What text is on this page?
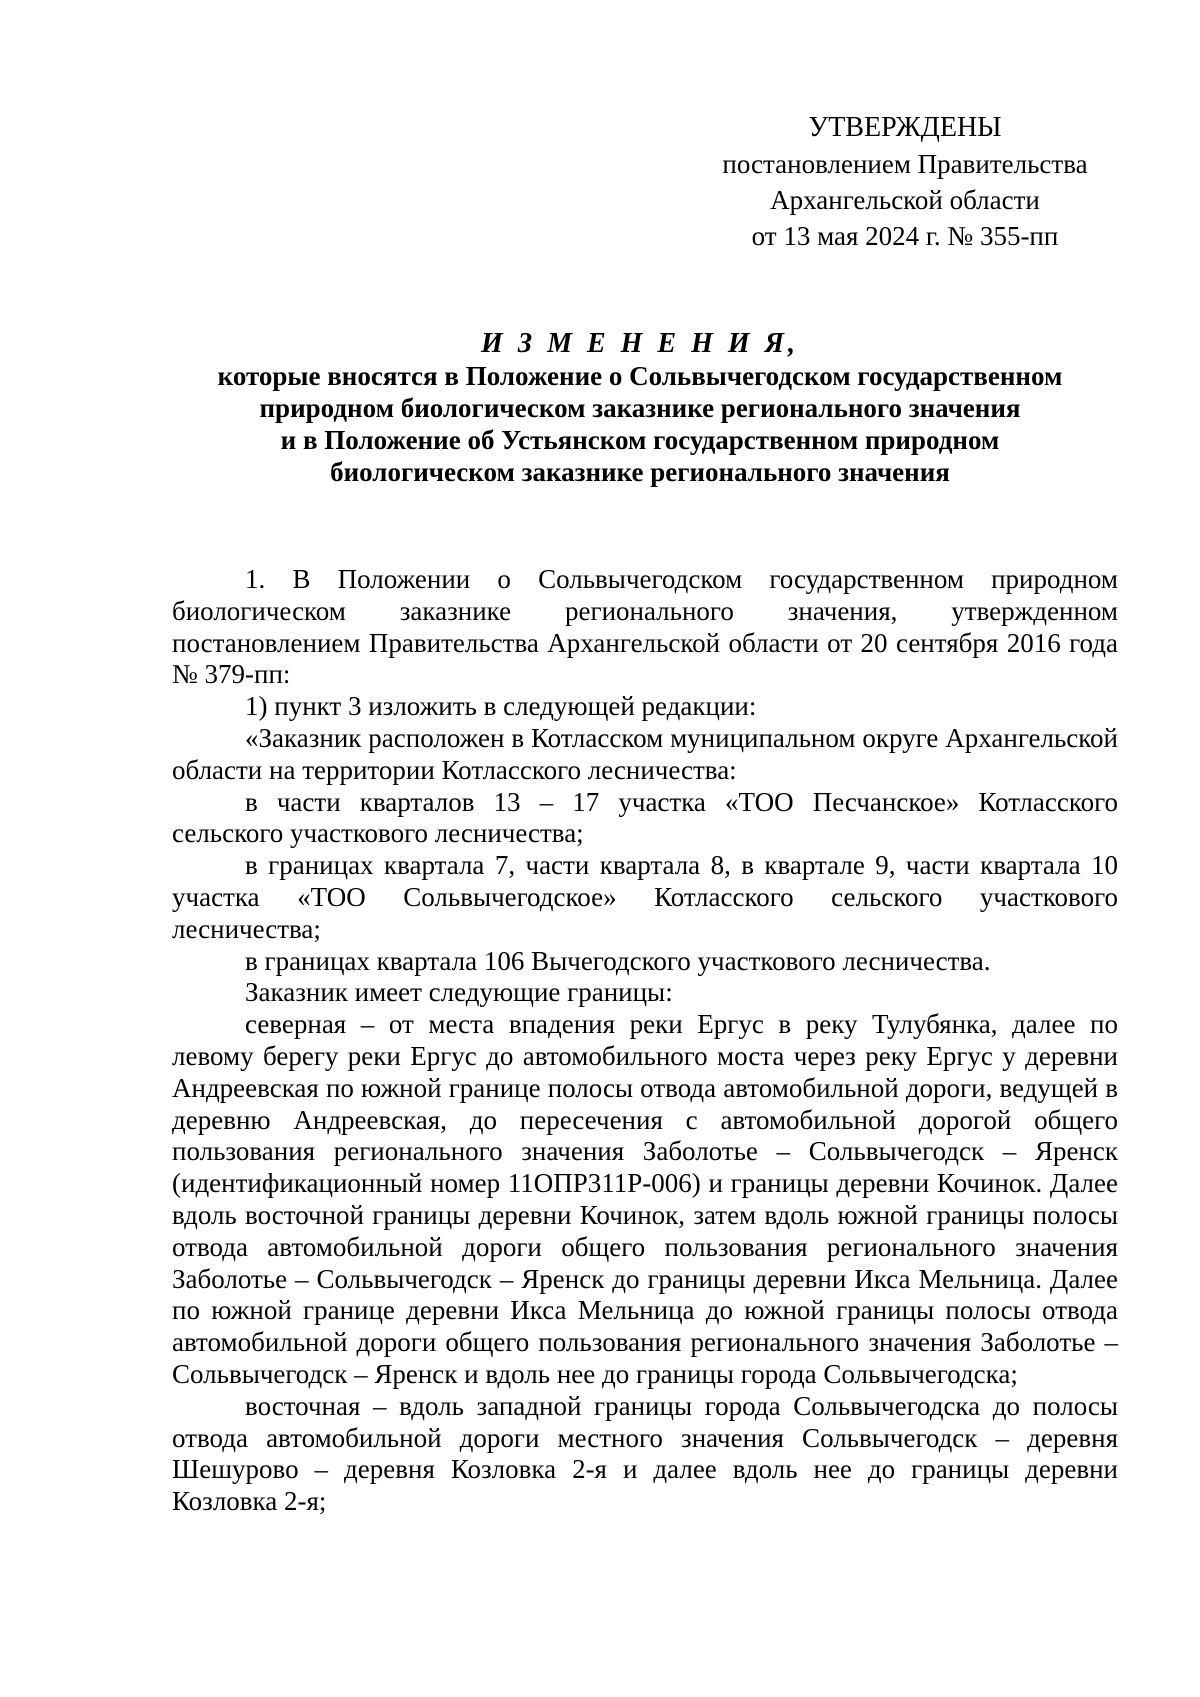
УТВЕРЖДЕНЫ
постановлением Правительства
Архангельской области
от 13 мая 2024 г. № 355-пп
И З М Е Н Е Н И Я,
которые вносятся в Положение о Сольвычегодском государственном
природном биологическом заказнике регионального значения
и в Положение об Устьянском государственном природном
биологическом заказнике регионального значения

1. В Положении о Сольвычегодском государственном природном биологическом заказнике регионального значения, утвержденном постановлением Правительства Архангельской области от 20 сентября 2016 года № 379-пп:

1) пункт 3 изложить в следующей редакции:

«Заказник расположен в Котласском муниципальном округе Архангельской области на территории Котласского лесничества:

в части кварталов 13 – 17 участка «ТОО Песчанское» Котласского сельского участкового лесничества;

в границах квартала 7, части квартала 8, в квартале 9, части квартала 10 участка «ТОО Сольвычегодское» Котласского сельского участкового лесничества;

в границах квартала 106 Вычегодского участкового лесничества.

Заказник имеет следующие границы:

северная – от места впадения реки Ергус в реку Тулубянка, далее по левому берегу реки Ергус до автомобильного моста через реку Ергус у деревни Андреевская по южной границе полосы отвода автомобильной дороги, ведущей в деревню Андреевская, до пересечения с автомобильной дорогой общего пользования регионального значения Заболотье – Сольвычегодск – Яренск (идентификационный номер 11ОПР311Р-006) и границы деревни Кочинок. Далее вдоль восточной границы деревни Кочинок, затем вдоль южной границы полосы отвода автомобильной дороги общего пользования регионального значения Заболотье – Сольвычегодск – Яренск до границы деревни Икса Мельница. Далее по южной границе деревни Икса Мельница до южной границы полосы отвода автомобильной дороги общего пользования регионального значения Заболотье – Сольвычегодск – Яренск и вдоль нее до границы города Сольвычегодска;

восточная – вдоль западной границы города Сольвычегодска до полосы отвода автомобильной дороги местного значения Сольвычегодск – деревня Шешурово – деревня Козловка 2-я и далее вдоль нее до границы деревни Козловка 2-я;
